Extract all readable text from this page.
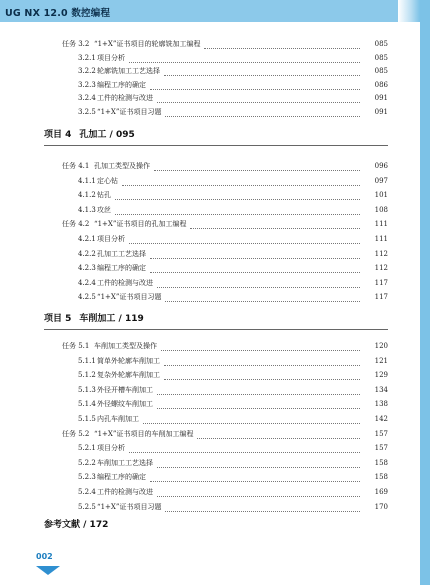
UG NX 12.0 数控编程
任务 3.2 “1+X”证书项目的轮廓铣加工编程	085
3.2.1 项目分析	085
3.2.2 轮廓铣加工工艺选择	085
3.2.3 编程工序的确定	086
3.2.4 工件的检测与改进	091
3.2.5 “1+X”证书项目习题	091
项目 4 孔加工 / 095
任务 4.1 孔加工类型及操作	096
4.1.1 定心钻	097
4.1.2 钻孔	101
4.1.3 攻丝	108
任务 4.2 “1+X”证书项目的孔加工编程	111
4.2.1 项目分析	111
4.2.2 孔加工工艺选择	112
4.2.3 编程工序的确定	112
4.2.4 工件的检测与改进	117
4.2.5 “1+X”证书项目习题	117
项目 5 车削加工 / 119
任务 5.1 车削加工类型及操作	120
5.1.1 简单外轮廓车削加工	121
5.1.2 复杂外轮廓车削加工	129
5.1.3 外径开槽车削加工	134
5.1.4 外径螺纹车削加工	138
5.1.5 内孔车削加工	142
任务 5.2 “1+X”证书项目的车削加工编程	157
5.2.1 项目分析	157
5.2.2 车削加工工艺选择	158
5.2.3 编程工序的确定	158
5.2.4 工件的检测与改进	169
5.2.5 “1+X”证书项目习题	170
参考文献 / 172
002
